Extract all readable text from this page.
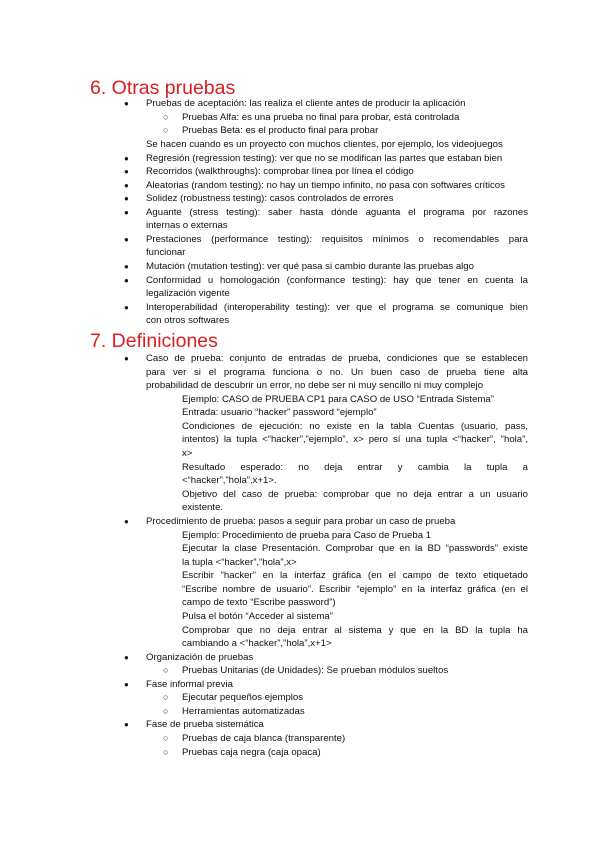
6. Otras pruebas
● Pruebas de aceptación: las realiza el cliente antes de producir la aplicación
○ Pruebas Alfa: es una prueba no final para probar, está controlada
○ Pruebas Beta: es el producto final para probar
Se hacen cuando es un proyecto con muchos clientes, por ejemplo, los videojuegos
● Regresión (regression testing): ver que no se modifican las partes que estaban bien
● Recorridos (walkthroughs): comprobar línea por línea el código
● Aleatorias (random testing): no hay un tiempo infinito, no pasa con softwares críticos
● Solidez (robustness testing): casos controlados de errores
● Aguante (stress testing): saber hasta dónde aguanta el programa por razones
internas o externas
● Prestaciones (performance testing): requisitos mínimos o recomendables para
funcionar
● Mutación (mutation testing): ver qué pasa si cambio durante las pruebas algo
● Conformidad u homologación (conformance testing): hay que tener en cuenta la
legalización vigente
● Interoperabilidad (interoperability testing): ver que el programa se comunique bien
con otros softwares
7. Definiciones
● Caso de prueba: conjunto de entradas de prueba, condiciones que se establecen
para ver si el programa funciona o no. Un buen caso de prueba tiene alta
probabilidad de descubrir un error, no debe ser ni muy sencillo ni muy complejo
Ejemplo: CASO de PRUEBA CP1 para CASO de USO “Entrada Sistema”
Entrada: usuario “hacker” password “ejemplo”
Condiciones de ejecución: no existe en la tabla Cuentas (usuario, pass,
intentos) la tupla <“hacker”,”ejemplo”, x> pero sí una tupla <“hacker”, “hola”,
x>
Resultado esperado: no deja entrar y cambia la tupla a
<“hacker”,”hola”,x+1>.
Objetivo del caso de prueba: comprobar que no deja entrar a un usuario
existente.
● Procedimiento de prueba: pasos a seguir para probar un caso de prueba
Ejemplo: Procedimiento de prueba para Caso de Prueba 1
Ejecutar la clase Presentación. Comprobar que en la BD “passwords” existe
la tupla <“hacker”,”hola”,x>
Escribir “hacker” en la interfaz gráfica (en el campo de texto etiquetado
“Escribe nombre de usuario”. Escribir “ejemplo” en la interfaz gráfica (en el
campo de texto “Escribe password”)
Pulsa el botón “Acceder al sistema”
Comprobar que no deja entrar al sistema y que en la BD la tupla ha
cambiando a <“hacker”,”hola”,x+1>
● Organización de pruebas
○ Pruebas Unitarias (de Unidades): Se prueban módulos sueltos
● Fase informal previa
○ Ejecutar pequeños ejemplos
○ Herramientas automatizadas
● Fase de prueba sistemática
○ Pruebas de caja blanca (transparente)
○ Pruebas caja negra (caja opaca)
